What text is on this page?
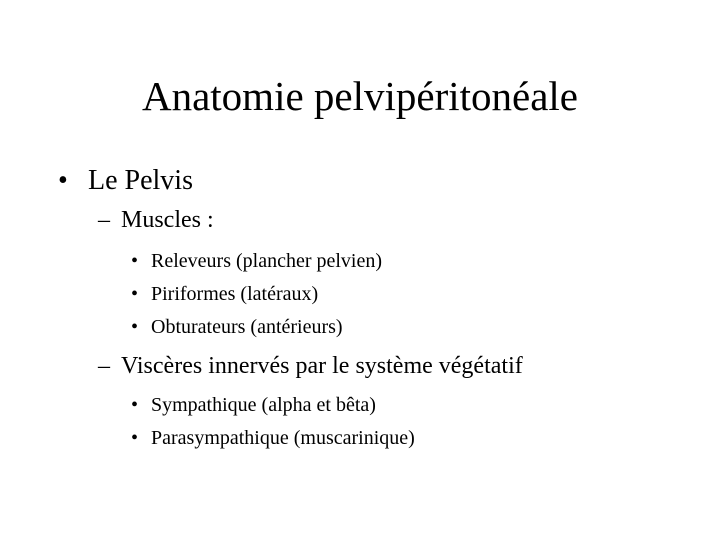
Anatomie pelvipéritonéale
• Le Pelvis
– Muscles :
• Releveurs (plancher pelvien)
• Piriformes (latéraux)
• Obturateurs (antérieurs)
– Viscères innervés par le système végétatif
• Sympathique (alpha et bêta)
• Parasympathique (muscarinique)
